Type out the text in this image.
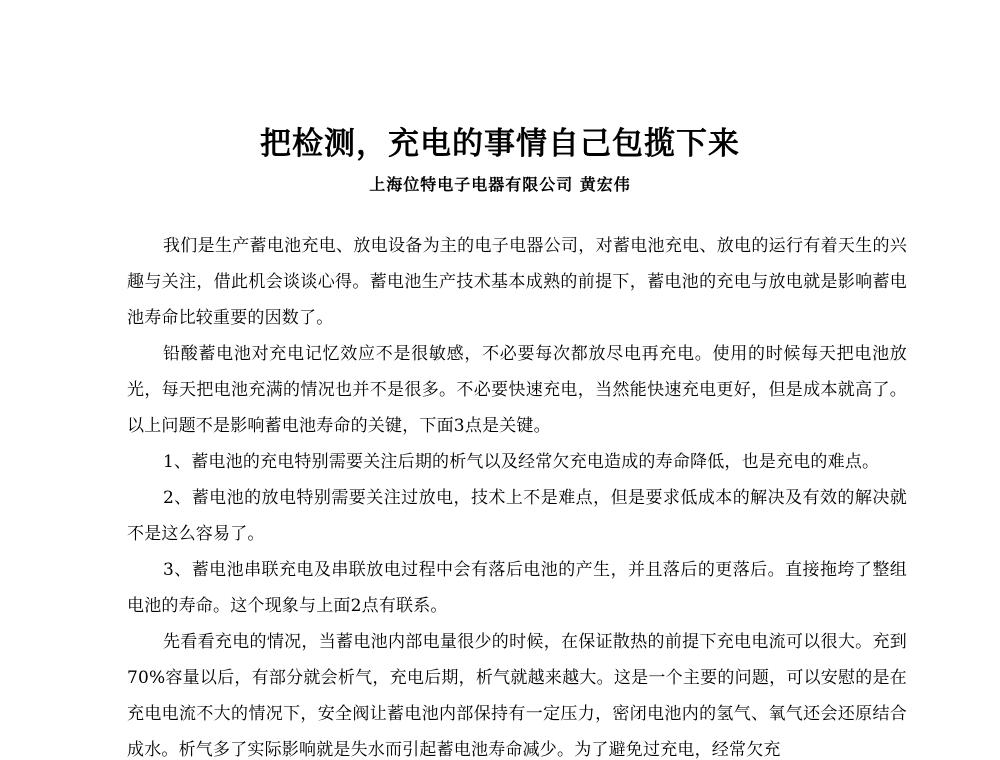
把检测，充电的事情自己包揽下来
上海位特电子电器有限公司 黄宏伟

我们是生产蓄电池充电、放电设备为主的电子电器公司，对蓄电池充电、放电的运行有着天生的兴趣与关注，借此机会谈谈心得。蓄电池生产技术基本成熟的前提下，蓄电池的充电与放电就是影响蓄电池寿命比较重要的因数了。

铅酸蓄电池对充电记忆效应不是很敏感，不必要每次都放尽电再充电。使用的时候每天把电池放光，每天把电池充满的情况也并不是很多。不必要快速充电，当然能快速充电更好，但是成本就高了。以上问题不是影响蓄电池寿命的关键，下面3点是关键。

1、蓄电池的充电特别需要关注后期的析气以及经常欠充电造成的寿命降低，也是充电的难点。

2、蓄电池的放电特别需要关注过放电，技术上不是难点，但是要求低成本的解决及有效的解决就不是这么容易了。

3、蓄电池串联充电及串联放电过程中会有落后电池的产生，并且落后的更落后。直接拖垮了整组电池的寿命。这个现象与上面2点有联系。

先看看充电的情况，当蓄电池内部电量很少的时候，在保证散热的前提下充电电流可以很大。充到70%容量以后，有部分就会析气，充电后期，析气就越来越大。这是一个主要的问题，可以安慰的是在充电电流不大的情况下，安全阀让蓄电池内部保持有一定压力，密闭电池内的氢气、氧气还会还原结合成水。析气多了实际影响就是失水而引起蓄电池寿命减少。为了避免过充电，经常欠充
